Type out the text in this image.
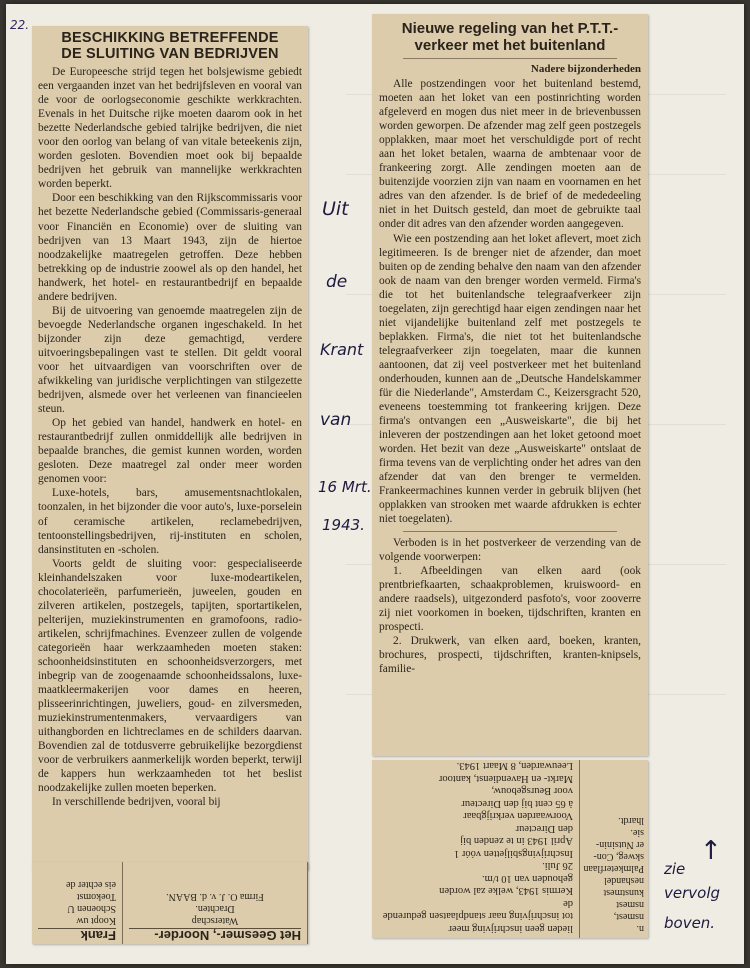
22.
BESCHIKKING BETREFFENDE
DE SLUITING VAN BEDRIJVEN

De Europeesche strijd tegen het bolsjewisme gebiedt een vergaanden inzet van het bedrijfsleven en vooral van de voor de oorlogseconomie geschikte werkkrachten. Evenals in het Duitsche rijke moeten daarom ook in het bezette Nederlandsche gebied talrijke bedrijven, die niet voor den oorlog van belang of van vitale beteekenis zijn, worden gesloten. Bovendien moet ook bij bepaalde bedrijven het gebruik van mannelijke werkkrachten worden beperkt.

Door een beschikking van den Rijkscommissaris voor het bezette Nederlandsche gebied (Commissaris-generaal voor Financiën en Economie) over de sluiting van bedrijven van 13 Maart 1943, zijn de hiertoe noodzakelijke maatregelen getroffen. Deze hebben betrekking op de industrie zoowel als op den handel, het handwerk, het hotel- en restaurantbedrijf en bepaalde andere bedrijven.

Bij de uitvoering van genoemde maatregelen zijn de bevoegde Nederlandsche organen ingeschakeld. In het bijzonder zijn deze gemachtigd, verdere uitvoeringsbepalingen vast te stellen. Dit geldt vooral voor het uitvaardigen van voorschriften over de afwikkeling van juridische verplichtingen van stilgezette bedrijven, alsmede over het verleenen van financieelen steun.

Op het gebied van handel, handwerk en hotel- en restaurantbedrijf zullen onmiddellijk alle bedrijven in bepaalde branches, die gemist kunnen worden, worden gesloten. Deze maatregel zal onder meer worden genomen voor:

Luxe-hotels, bars, amusementsnachtlokalen, toonzalen, in het bijzonder die voor auto's, luxe-porselein of ceramische artikelen, reclamebedrijven, tentoonstellingsbedrijven, rij-instituten en scholen, dansinstituten en -scholen.

Voorts geldt de sluiting voor: gespecialiseerde kleinhandelszaken voor luxe-modeartikelen, chocolaterieën, parfumerieën, juweelen, gouden en zilveren artikelen, postzegels, tapijten, sportartikelen, pelterijen, muziekinstrumenten en gramofoons, radio-artikelen, schrijfmachines. Evenzeer zullen de volgende categorieën haar werkzaamheden moeten staken: schoonheidsinstituten en schoonheidsverzorgers, met inbegrip van de zoogenaamde schoonheidssalons, luxe-maatkleermakerijen voor dames en heeren, plisseerinrichtingen, juweliers, goud- en zilversmeden, muziekinstrumentenmakers, vervaardigers van uithangborden en lichtreclames en de schilders daarvan. Bovendien zal de totdusverre gebruikelijke bezorgdienst voor de verbruikers aanmerkelijk worden beperkt, terwijl de kappers hun werkzaamheden tot het beslist noodzakelijke zullen moeten beperken.

In verschillende bedrijven, vooral bij

Het Geesmer-, Noorder-
Waterschap
Drachten.
Firma O. J. v. d. BAAN.
Frank
Koopt uw
Schoenen U
Toekomst
eis echter de
Nieuwe regeling van het P.T.T.-
verkeer met het buitenland
Nadere bijzonderheden

Alle postzendingen voor het buitenland bestemd, moeten aan het loket van een postinrichting worden afgeleverd en mogen dus niet meer in de brievenbussen worden geworpen. De afzender mag zelf geen postzegels opplakken, maar moet het verschuldigde port of recht aan het loket betalen, waarna de ambtenaar voor de frankeering zorgt. Alle zendingen moeten aan de buitenzijde voorzien zijn van naam en voornamen en het adres van den afzender. Is de brief of de mededeeling niet in het Duitsch gesteld, dan moet de gebruikte taal onder dit adres van den afzender worden aangegeven.

Wie een postzending aan het loket aflevert, moet zich legitimeeren. Is de brenger niet de afzender, dan moet buiten op de zending behalve den naam van den afzender ook de naam van den brenger worden vermeld. Firma's die tot het buitenlandsche telegraafverkeer zijn toegelaten, zijn gerechtigd haar eigen zendingen naar het niet vijandelijke buitenland zelf met postzegels te beplakken. Firma's, die niet tot het buitenlandsche telegraafverkeer zijn toegelaten, maar die kunnen aantoonen, dat zij veel postverkeer met het buitenland onderhouden, kunnen aan de „Deutsche Handelskammer für die Niederlande", Amsterdam C., Keizersgracht 520, eveneens toestemming tot frankeering krijgen. Deze firma's ontvangen een „Ausweiskarte", die bij het inleveren der postzendingen aan het loket getoond moet worden. Het bezit van deze „Ausweiskarte" ontslaat de firma tevens van de verplichting onder het adres van den afzender dat van den brenger te vermelden. Frankeermachines kunnen verder in gebruik blijven (het opplakken van strooken met waarde afdrukken is echter niet toegelaten).

Verboden is in het postverkeer de verzending van de volgende voorwerpen:

1. Afbeeldingen van elken aard (ook prentbriefkaarten, schaakproblemen, kruiswoord- en andere raadsels), uitgezonderd pasfoto's, voor zooverre zij niet voorkomen in boeken, tijdschriften, kranten en prospecti.

2. Drukwerk, van elken aard, boeken, kranten, brochures, prospecti, tijdschriften, kranten-knipsels, familie-

n.
nsmest,
nsmest
kunstmest
neshandel
Palmketerflaan
skweg, Con-
er Nutsinin-
sie.
lhardt.
lieden geen inschrijving meer
tot inschrijving naar standplaatsen gedurende de
Kermis 1943, welke zal worden
gehouden van 10 t/m.
26 Juli.
Inschrijvingsbiljetten vóór 1
April 1943 in te zenden bij
den Directeur
Voorwaarden verkrijgbaar
à 65 cent bij den Directeur
voor Beursgebouw,
Markt- en Havendienst, kantoor
Leeuwarden, 8 Maart 1943.
Uit
de
Krant
van
16 Mrt.
1943.
↑
zie
vervolg
boven.
